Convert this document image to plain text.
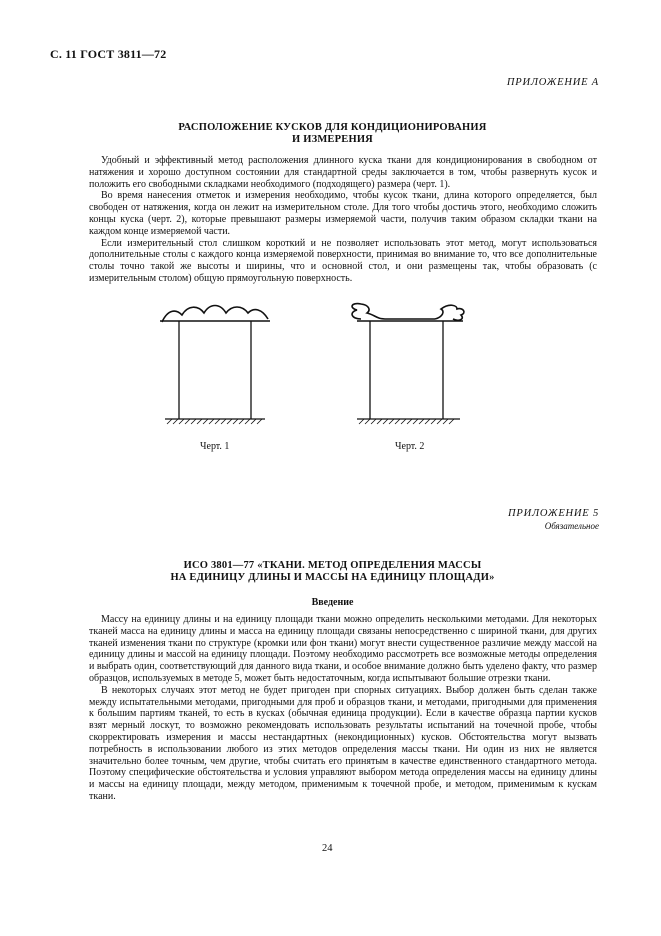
С. 11 ГОСТ 3811—72
ПРИЛОЖЕНИЕ А
РАСПОЛОЖЕНИЕ КУСКОВ ДЛЯ КОНДИЦИОНИРОВАНИЯ
И ИЗМЕРЕНИЯ

Удобный и эффективный метод расположения длинного куска ткани для кондиционирования в свободном от натяжения и хорошо доступном состоянии для стандартной среды заключается в том, чтобы развернуть кусок и положить его свободными складками необходимого (подходящего) размера (черт. 1).

Во время нанесения отметок и измерения необходимо, чтобы кусок ткани, длина которого определяется, был свободен от натяжения, когда он лежит на измерительном столе. Для того чтобы достичь этого, необходимо сложить концы куска (черт. 2), которые превышают размеры измеряемой части, получив таким образом складки ткани на каждом конце измеряемой части.

Если измерительный стол слишком короткий и не позволяет использовать этот метод, могут использоваться дополнительные столы с каждого конца измеряемой поверхности, принимая во внимание то, что все дополнительные столы точно такой же высоты и ширины, что и основной стол, и они размещены так, чтобы образовать (с измерительным столом) общую прямоугольную поверхность.

Черт. 1	Черт. 2
ПРИЛОЖЕНИЕ 5
Обязательное
ИСО 3801—77 «ТКАНИ. МЕТОД ОПРЕДЕЛЕНИЯ МАССЫ
НА ЕДИНИЦУ ДЛИНЫ И МАССЫ НА ЕДИНИЦУ ПЛОЩАДИ»
Введение

Массу на единицу длины и на единицу площади ткани можно определить несколькими методами. Для некоторых тканей масса на единицу длины и масса на единицу площади связаны непосредственно с шириной ткани, для других тканей изменения ткани по структуре (кромки или фон ткани) могут внести существенное различие между массой на единицу длины и массой на единицу площади. Поэтому необходимо рассмотреть все возможные методы определения и выбрать один, соответствующий для данного вида ткани, и особое внимание должно быть уделено факту, что размер образцов, используемых в методе 5, может быть недостаточным, когда испытывают большие отрезки ткани.

В некоторых случаях этот метод не будет пригоден при спорных ситуациях. Выбор должен быть сделан также между испытательными методами, пригодными для проб и образцов ткани, и методами, пригодными для применения к большим партиям тканей, то есть в кусках (обычная единица продукции). Если в качестве образца партии кусков взят мерный лоскут, то возможно рекомендовать использовать результаты испытаний на точечной пробе, чтобы скорректировать измерения и массы нестандартных (некондиционных) кусков. Обстоятельства могут вызвать потребность в использовании любого из этих методов определения массы ткани. Ни один из них не является значительно более точным, чем другие, чтобы считать его принятым в качестве единственного стандартного метода. Поэтому специфические обстоятельства и условия управляют выбором метода определения массы на единицу длины и массы на единицу площади, между методом, применимым к точечной пробе, и методом, применимым к кускам ткани.

24
